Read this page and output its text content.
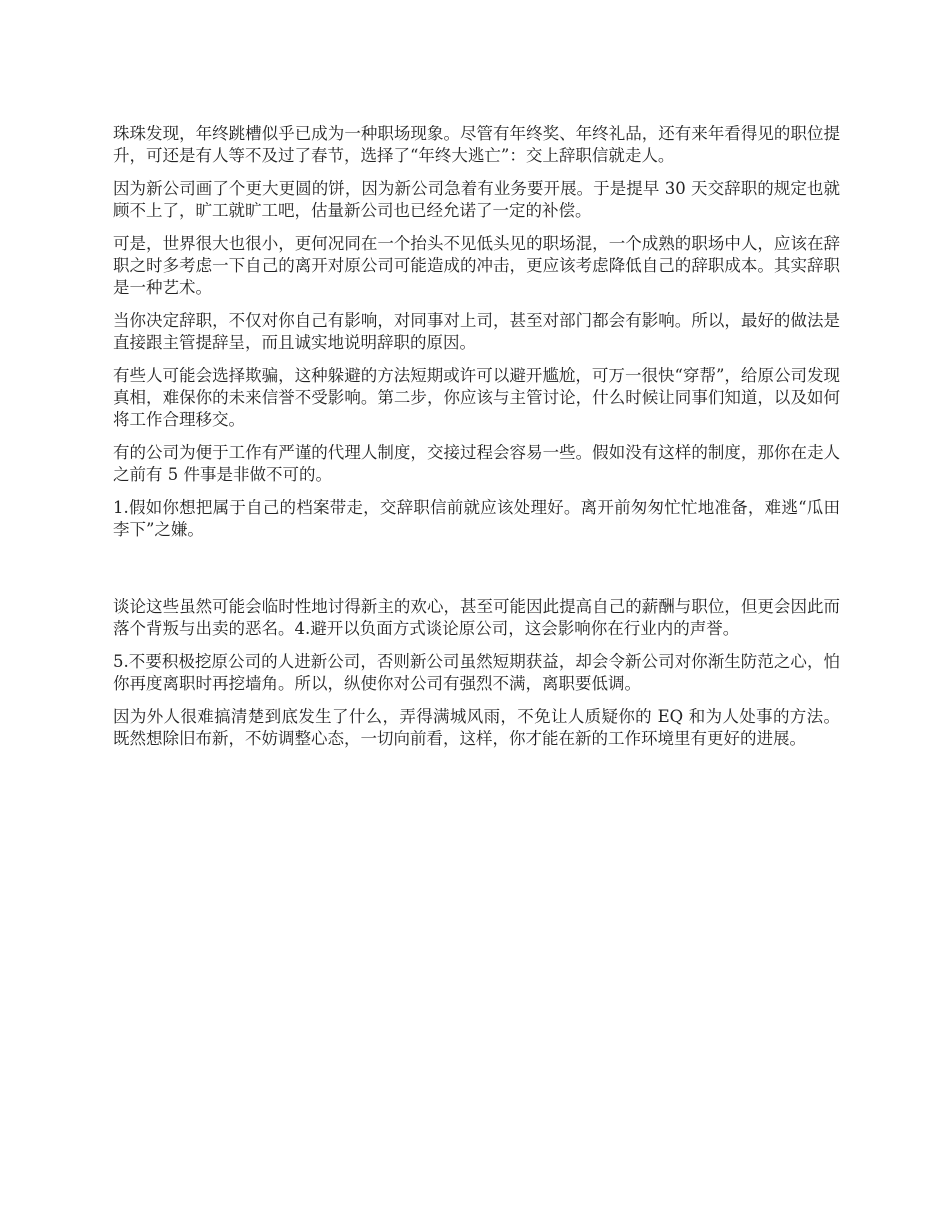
珠珠发现，年终跳槽似乎已成为一种职场现象。尽管有年终奖、年终礼品，还有来年看得见的职位提升，可还是有人等不及过了春节，选择了“年终大逃亡”：交上辞职信就走人。

因为新公司画了个更大更圆的饼，因为新公司急着有业务要开展。于是提早 30 天交辞职的规定也就顾不上了，旷工就旷工吧，估量新公司也已经允诺了一定的补偿。

可是，世界很大也很小，更何况同在一个抬头不见低头见的职场混，一个成熟的职场中人，应该在辞职之时多考虑一下自己的离开对原公司可能造成的冲击，更应该考虑降低自己的辞职成本。其实辞职是一种艺术。

当你决定辞职，不仅对你自己有影响，对同事对上司，甚至对部门都会有影响。所以，最好的做法是直接跟主管提辞呈，而且诚实地说明辞职的原因。

有些人可能会选择欺骗，这种躲避的方法短期或许可以避开尴尬，可万一很快“穿帮”，给原公司发现真相，难保你的未来信誉不受影响。第二步，你应该与主管讨论，什么时候让同事们知道，以及如何将工作合理移交。

有的公司为便于工作有严谨的代理人制度，交接过程会容易一些。假如没有这样的制度，那你在走人之前有 5 件事是非做不可的。

1.假如你想把属于自己的档案带走，交辞职信前就应该处理好。离开前匆匆忙忙地准备，难逃“瓜田李下”之嫌。

谈论这些虽然可能会临时性地讨得新主的欢心，甚至可能因此提高自己的薪酬与职位，但更会因此而落个背叛与出卖的恶名。4.避开以负面方式谈论原公司，这会影响你在行业内的声誉。

5.不要积极挖原公司的人进新公司，否则新公司虽然短期获益，却会令新公司对你渐生防范之心，怕你再度离职时再挖墙角。所以，纵使你对公司有强烈不满，离职要低调。

因为外人很难搞清楚到底发生了什么，弄得满城风雨，不免让人质疑你的 EQ 和为人处事的方法。既然想除旧布新，不妨调整心态，一切向前看，这样，你才能在新的工作环境里有更好的进展。
